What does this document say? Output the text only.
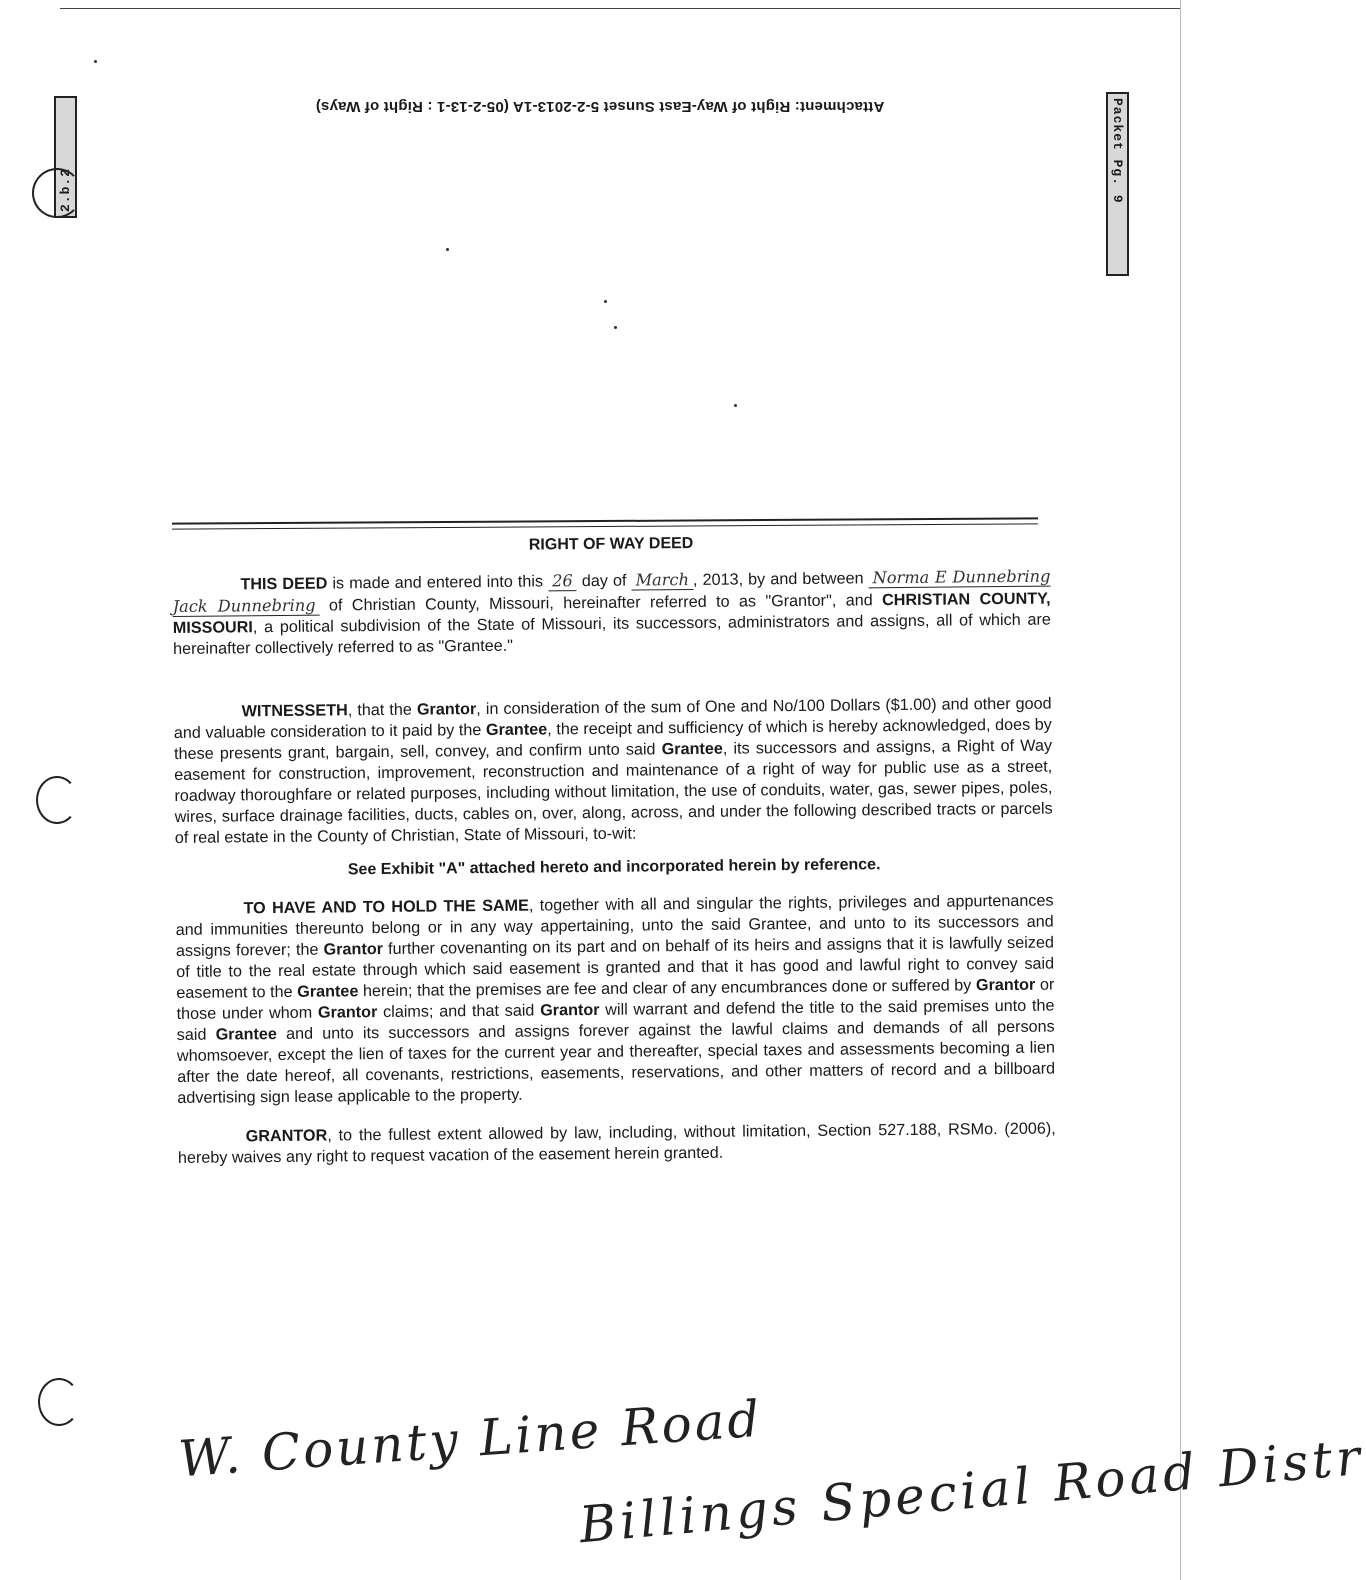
Attachment: Right of Way-East Sunset 5-2-2013-1A (05-2-13-1 : Right of Ways)
2.b.2	Packet Pg. 9
RIGHT OF WAY DEED

THIS DEED is made and entered into this 26 day of March , 2013, by and between Norma E Dunnebring Jack Dunnebring of Christian County, Missouri, hereinafter referred to as "Grantor", and CHRISTIAN COUNTY, MISSOURI, a political subdivision of the State of Missouri, its successors, administrators and assigns, all of which are hereinafter collectively referred to as "Grantee."

WITNESSETH, that the Grantor, in consideration of the sum of One and No/100 Dollars ($1.00) and other good and valuable consideration to it paid by the Grantee, the receipt and sufficiency of which is hereby acknowledged, does by these presents grant, bargain, sell, convey, and confirm unto said Grantee, its successors and assigns, a Right of Way easement for construction, improvement, reconstruction and maintenance of a right of way for public use as a street, roadway thoroughfare or related purposes, including without limitation, the use of conduits, water, gas, sewer pipes, poles, wires, surface drainage facilities, ducts, cables on, over, along, across, and under the following described tracts or parcels of real estate in the County of Christian, State of Missouri, to-wit:

See Exhibit "A" attached hereto and incorporated herein by reference.

TO HAVE AND TO HOLD THE SAME, together with all and singular the rights, privileges and appurtenances and immunities thereunto belong or in any way appertaining, unto the said Grantee, and unto to its successors and assigns forever; the Grantor further covenanting on its part and on behalf of its heirs and assigns that it is lawfully seized of title to the real estate through which said easement is granted and that it has good and lawful right to convey said easement to the Grantee herein; that the premises are fee and clear of any encumbrances done or suffered by Grantor or those under whom Grantor claims; and that said Grantor will warrant and defend the title to the said premises unto the said Grantee and unto its successors and assigns forever against the lawful claims and demands of all persons whomsoever, except the lien of taxes for the current year and thereafter, special taxes and assessments becoming a lien after the date hereof, all covenants, restrictions, easements, reservations, and other matters of record and a billboard advertising sign lease applicable to the property.

GRANTOR, to the fullest extent allowed by law, including, without limitation, Section 527.188, RSMo. (2006), hereby waives any right to request vacation of the easement herein granted.

W. County Line Road
Billings Special Road Distr
